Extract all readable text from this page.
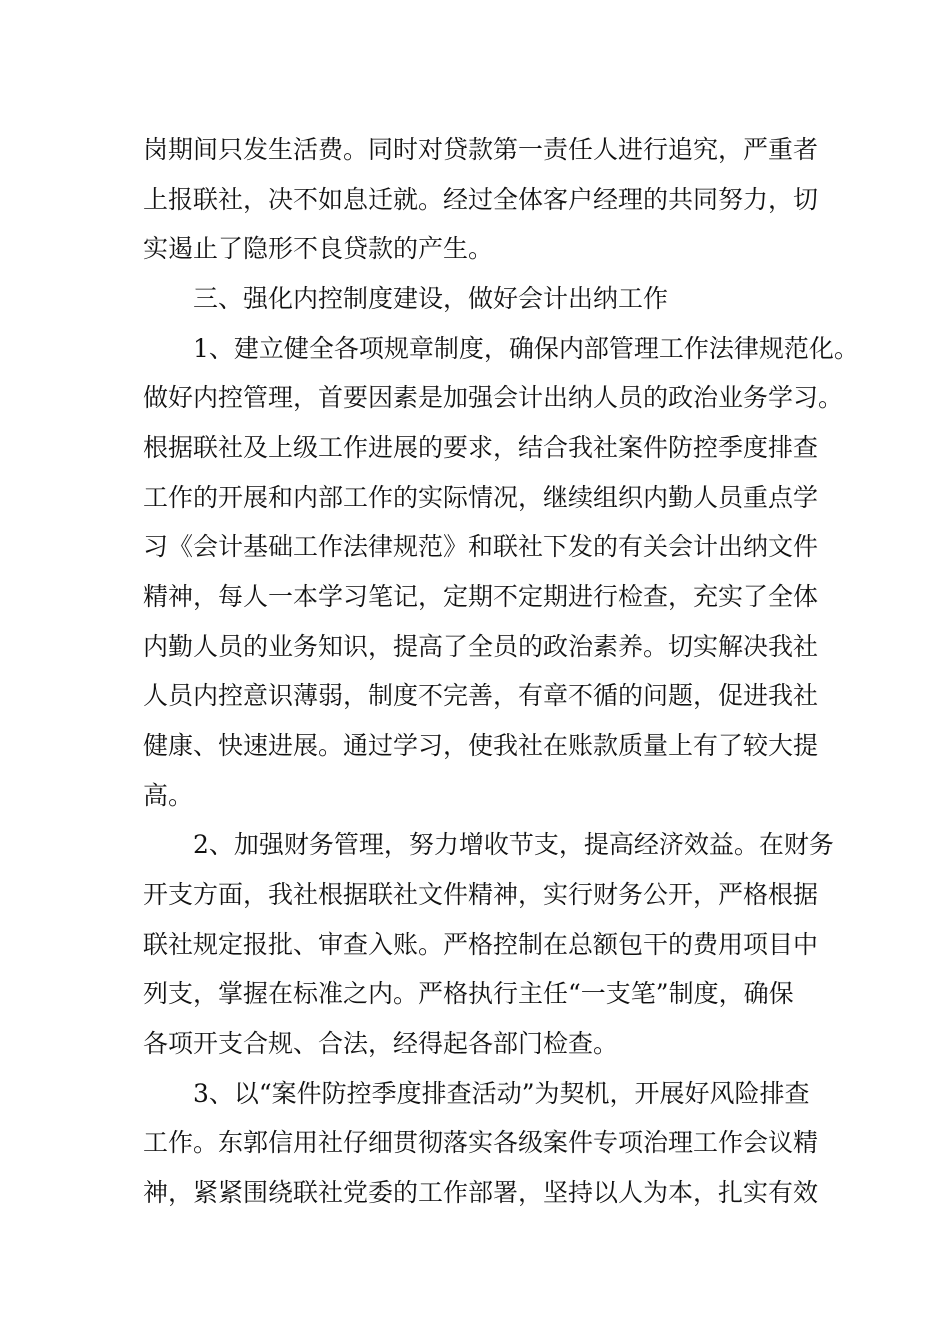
岗期间只发生活费。同时对贷款第一责任人进行追究，严重者

上报联社，决不如息迁就。经过全体客户经理的共同努力，切

实遏止了隐形不良贷款的产生。

三、强化内控制度建设，做好会计出纳工作

1、建立健全各项规章制度，确保内部管理工作法律规范化。

做好内控管理，首要因素是加强会计出纳人员的政治业务学习。

根据联社及上级工作进展的要求，结合我社案件防控季度排查

工作的开展和内部工作的实际情况，继续组织内勤人员重点学

习《会计基础工作法律规范》和联社下发的有关会计出纳文件

精神，每人一本学习笔记，定期不定期进行检查，充实了全体

内勤人员的业务知识，提高了全员的政治素养。切实解决我社

人员内控意识薄弱，制度不完善，有章不循的问题，促进我社

健康、快速进展。通过学习，使我社在账款质量上有了较大提

高。

2、加强财务管理，努力增收节支，提高经济效益。在财务

开支方面，我社根据联社文件精神，实行财务公开，严格根据

联社规定报批、审查入账。严格控制在总额包干的费用项目中

列支，掌握在标准之内。严格执行主任“一支笔”制度，确保

各项开支合规、合法，经得起各部门检查。

3、以“案件防控季度排查活动”为契机，开展好风险排查

工作。东郭信用社仔细贯彻落实各级案件专项治理工作会议精

神，紧紧围绕联社党委的工作部署，坚持以人为本，扎实有效
